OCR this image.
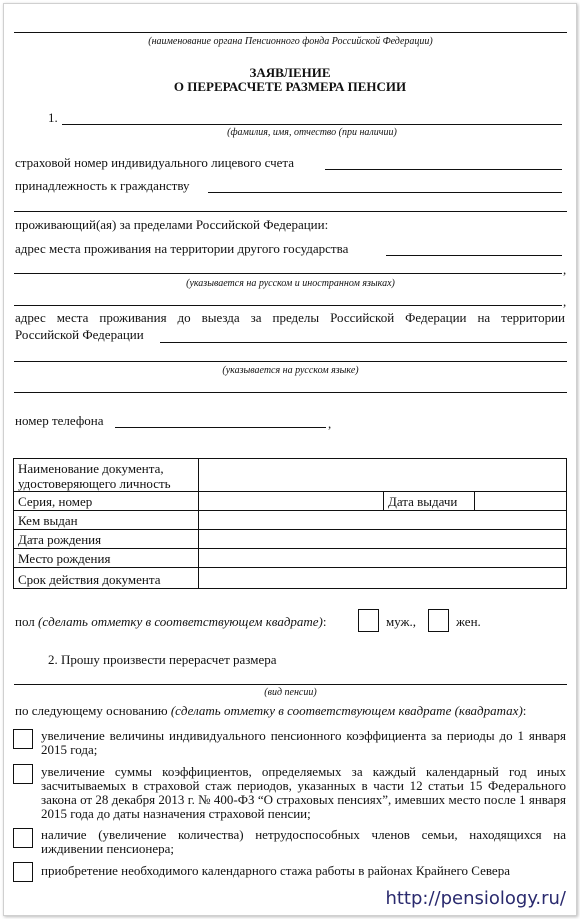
(наименование органа Пенсионного фонда Российской Федерации)
ЗАЯВЛЕНИЕ
О ПЕРЕРАСЧЕТЕ РАЗМЕРА ПЕНСИИ
1.
(фамилия, имя, отчество (при наличии)
страховой номер индивидуального лицевого счета
принадлежность к гражданству
проживающий(ая) за пределами Российской Федерации:
адрес места проживания на территории другого государства
,
(указывается на русском и иностранном языках)
,
адрес места проживания до выезда за пределы Российской Федерации на территории
Российской Федерации
(указывается на русском языке)
номер телефона	,
Наименование документа,
удостоверяющего личность			
Серия, номер		Дата выдачи	
Кем выдан			
Дата рождения			
Место рождения			
Срок действия документа			
пол (сделать отметку в соответствующем квадрате):	муж.,	жен.
2. Прошу произвести перерасчет размера
(вид пенсии)
по следующему основанию (сделать отметку в соответствующем квадрате (квадратах):
увеличение величины индивидуального пенсионного коэффициента за периоды до 1 января 2015 года;
увеличение суммы коэффициентов, определяемых за каждый календарный год иных засчитываемых в страховой стаж периодов, указанных в части 12 статьи 15 Федерального закона от 28 декабря 2013 г. № 400-ФЗ “О страховых пенсиях”, имевших место после 1 января 2015 года до даты назначения страховой пенсии;
наличие (увеличение количества) нетрудоспособных членов семьи, находящихся на иждивении пенсионера;
приобретение необходимого календарного стажа работы в районах Крайнего Севера
http://pensiology.ru/
